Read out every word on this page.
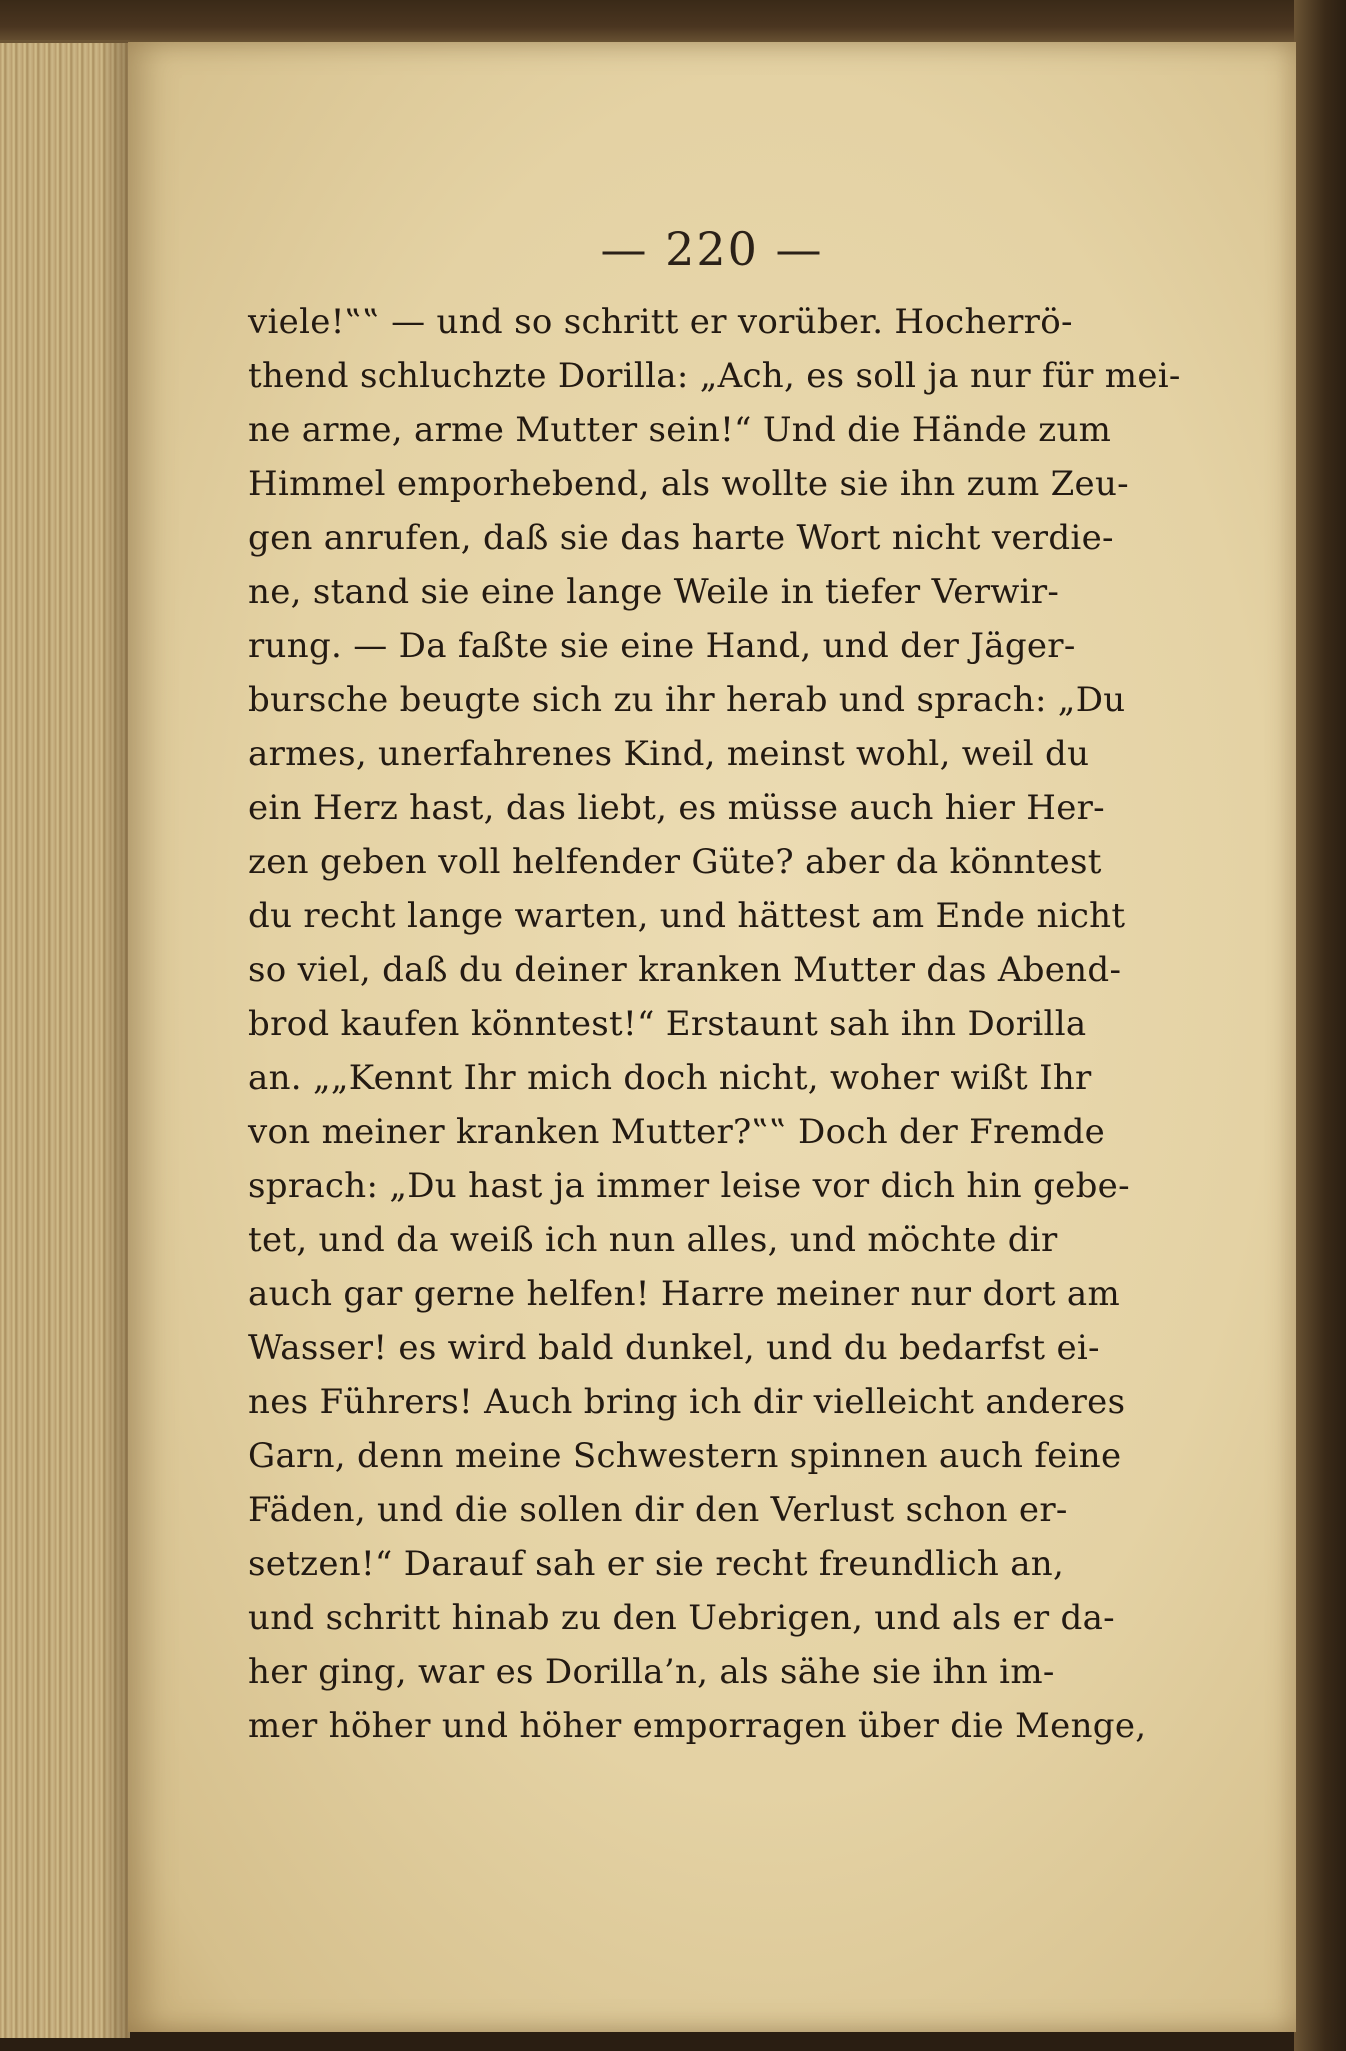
— 220 —
viele!‟‟ — und so schritt er vorüber. Hocherrö-
thend schluchzte Dorilla: „Ach, es soll ja nur für mei-
ne arme, arme Mutter sein!“ Und die Hände zum
Himmel emporhebend, als wollte sie ihn zum Zeu-
gen anrufen, daß sie das harte Wort nicht verdie-
ne, stand sie eine lange Weile in tiefer Verwir-
rung. — Da faßte sie eine Hand, und der Jäger-
bursche beugte sich zu ihr herab und sprach: „Du
armes, unerfahrenes Kind, meinst wohl, weil du
ein Herz hast, das liebt, es müsse auch hier Her-
zen geben voll helfender Güte? aber da könntest
du recht lange warten, und hättest am Ende nicht
so viel, daß du deiner kranken Mutter das Abend-
brod kaufen könntest!“ Erstaunt sah ihn Dorilla
an. „„Kennt Ihr mich doch nicht, woher wißt Ihr
von meiner kranken Mutter?‟‟ Doch der Fremde
sprach: „Du hast ja immer leise vor dich hin gebe-
tet, und da weiß ich nun alles, und möchte dir
auch gar gerne helfen! Harre meiner nur dort am
Wasser! es wird bald dunkel, und du bedarfst ei-
nes Führers! Auch bring ich dir vielleicht anderes
Garn, denn meine Schwestern spinnen auch feine
Fäden, und die sollen dir den Verlust schon er-
setzen!“ Darauf sah er sie recht freundlich an,
und schritt hinab zu den Uebrigen, und als er da-
her ging, war es Dorilla’n, als sähe sie ihn im-
mer höher und höher emporragen über die Menge,
